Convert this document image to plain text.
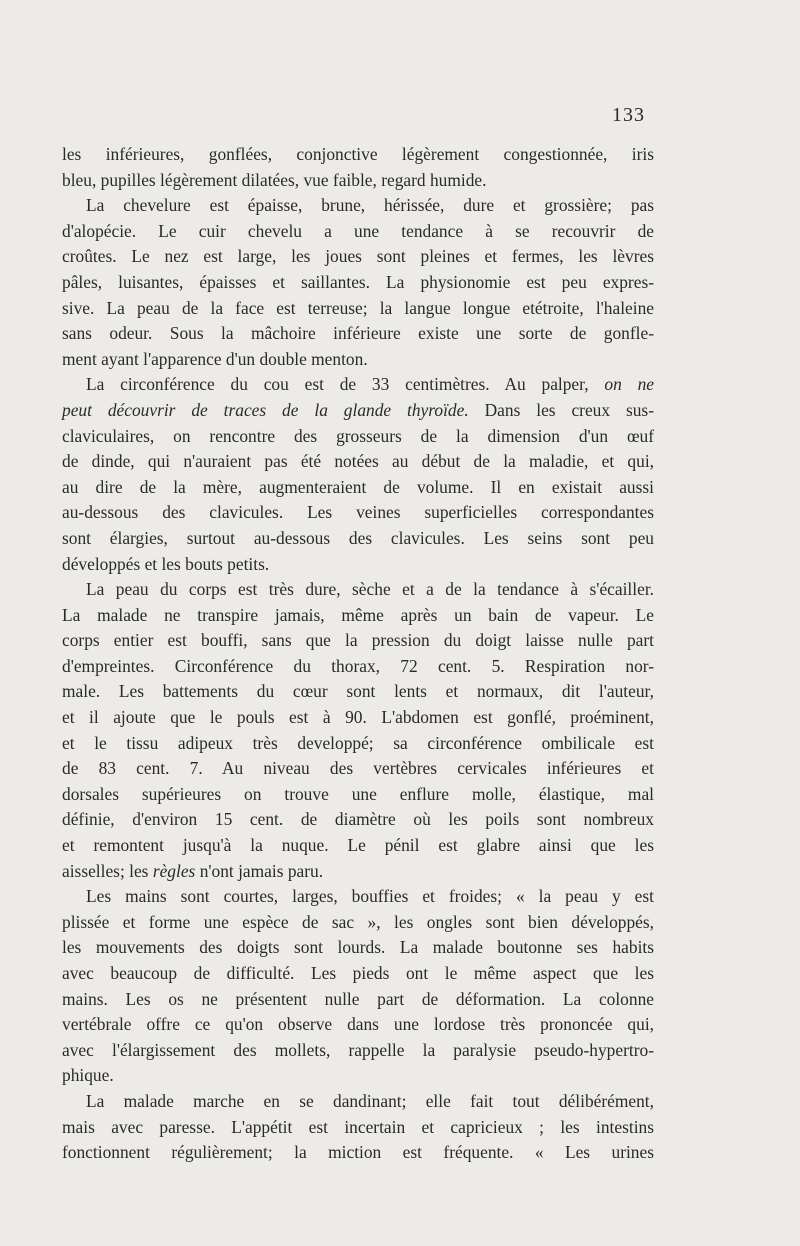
133
les inférieures, gonflées, conjonctive légèrement congestionnée, iris
bleu, pupilles légèrement dilatées, vue faible, regard humide.
La chevelure est épaisse, brune, hérissée, dure et grossière; pas
d'alopécie. Le cuir chevelu a une tendance à se recouvrir de
croûtes. Le nez est large, les joues sont pleines et fermes, les lèvres
pâles, luisantes, épaisses et saillantes. La physionomie est peu expres-
sive. La peau de la face est terreuse; la langue longue etétroite, l'haleine
sans odeur. Sous la mâchoire inférieure existe une sorte de gonfle-
ment ayant l'apparence d'un double menton.
La circonférence du cou est de 33 centimètres. Au palper, on ne
peut découvrir de traces de la glande thyroïde. Dans les creux sus-
claviculaires, on rencontre des grosseurs de la dimension d'un œuf
de dinde, qui n'auraient pas été notées au début de la maladie, et qui,
au dire de la mère, augmenteraient de volume. Il en existait aussi
au-dessous des clavicules. Les veines superficielles correspondantes
sont élargies, surtout au-dessous des clavicules. Les seins sont peu
développés et les bouts petits.
La peau du corps est très dure, sèche et a de la tendance à s'écailler.
La malade ne transpire jamais, même après un bain de vapeur. Le
corps entier est bouffi, sans que la pression du doigt laisse nulle part
d'empreintes. Circonférence du thorax, 72 cent. 5. Respiration nor-
male. Les battements du cœur sont lents et normaux, dit l'auteur,
et il ajoute que le pouls est à 90. L'abdomen est gonflé, proéminent,
et le tissu adipeux très developpé; sa circonférence ombilicale est
de 83 cent. 7. Au niveau des vertèbres cervicales inférieures et
dorsales supérieures on trouve une enflure molle, élastique, mal
définie, d'environ 15 cent. de diamètre où les poils sont nombreux
et remontent jusqu'à la nuque. Le pénil est glabre ainsi que les
aisselles; les règles n'ont jamais paru.
Les mains sont courtes, larges, bouffies et froides; « la peau y est
plissée et forme une espèce de sac », les ongles sont bien développés,
les mouvements des doigts sont lourds. La malade boutonne ses habits
avec beaucoup de difficulté. Les pieds ont le même aspect que les
mains. Les os ne présentent nulle part de déformation. La colonne
vertébrale offre ce qu'on observe dans une lordose très prononcée qui,
avec l'élargissement des mollets, rappelle la paralysie pseudo-hypertro-
phique.
La malade marche en se dandinant; elle fait tout délibérément,
mais avec paresse. L'appétit est incertain et capricieux ; les intestins
fonctionnent régulièrement; la miction est fréquente. « Les urines
